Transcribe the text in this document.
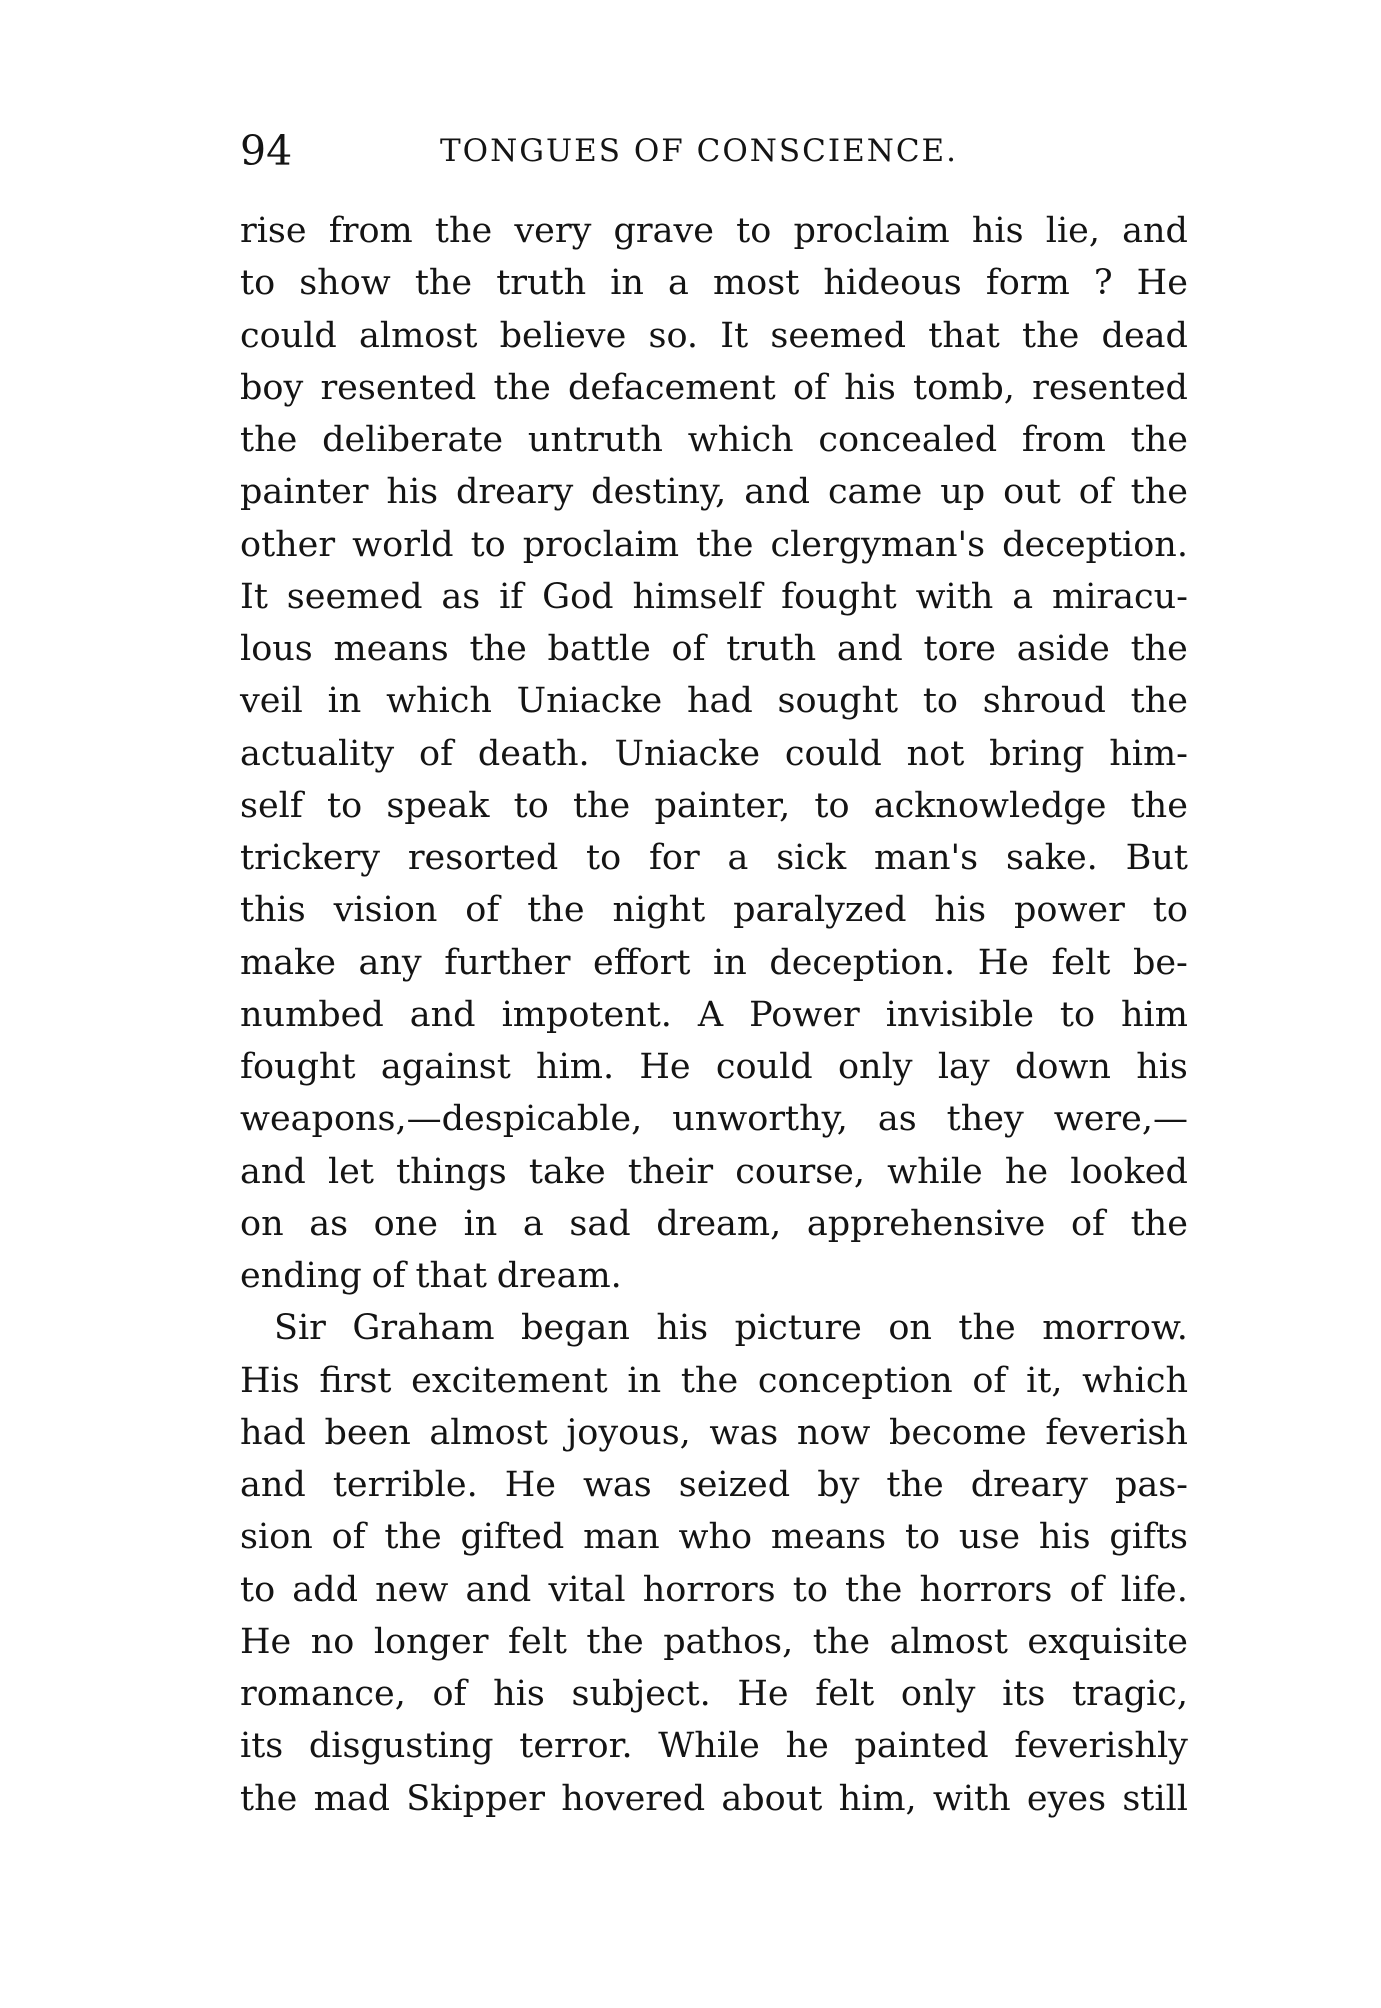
94	TONGUES OF CONSCIENCE.
rise from the very grave to proclaim his lie, and
to show the truth in a most hideous form ? He
could almost believe so. It seemed that the dead
boy resented the defacement of his tomb, resented
the deliberate untruth which concealed from the
painter his dreary destiny, and came up out of the
other world to proclaim the clergyman's deception.
It seemed as if God himself fought with a miracu-
lous means the battle of truth and tore aside the
veil in which Uniacke had sought to shroud the
actuality of death. Uniacke could not bring him-
self to speak to the painter, to acknowledge the
trickery resorted to for a sick man's sake. But
this vision of the night paralyzed his power to
make any further effort in deception. He felt be-
numbed and impotent. A Power invisible to him
fought against him. He could only lay down his
weapons,—despicable, unworthy, as they were,—
and let things take their course, while he looked
on as one in a sad dream, apprehensive of the
ending of that dream.
Sir Graham began his picture on the morrow.
His first excitement in the conception of it, which
had been almost joyous, was now become feverish
and terrible. He was seized by the dreary pas-
sion of the gifted man who means to use his gifts
to add new and vital horrors to the horrors of life.
He no longer felt the pathos, the almost exquisite
romance, of his subject. He felt only its tragic,
its disgusting terror. While he painted feverishly
the mad Skipper hovered about him, with eyes still
